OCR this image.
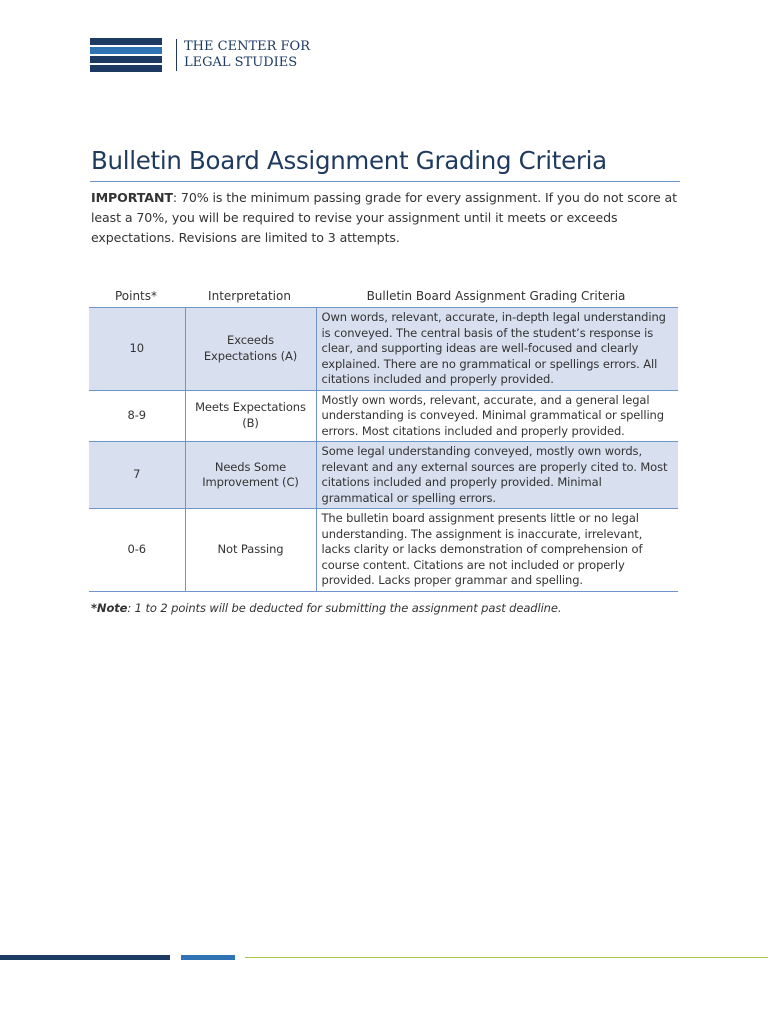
THE CENTER FOR
LEGAL STUDIES
Bulletin Board Assignment Grading Criteria

IMPORTANT: 70% is the minimum passing grade for every assignment. If you do not score at least a 70%, you will be required to revise your assignment until it meets or exceeds expectations. Revisions are limited to 3 attempts.

Points*	Interpretation	Bulletin Board Assignment Grading Criteria
10	Exceeds Expectations (A)	Own words, relevant, accurate, in-depth legal understanding is conveyed. The central basis of the student’s response is clear, and supporting ideas are well-focused and clearly explained. There are no grammatical or spellings errors. All citations included and properly provided.
8-9	Meets Expectations (B)	Mostly own words, relevant, accurate, and a general legal understanding is conveyed. Minimal grammatical or spelling errors. Most citations included and properly provided.
7	Needs Some Improvement (C)	Some legal understanding conveyed, mostly own words, relevant and any external sources are properly cited to. Most citations included and properly provided. Minimal grammatical or spelling errors.
0-6	Not Passing	The bulletin board assignment presents little or no legal understanding. The assignment is inaccurate, irrelevant, lacks clarity or lacks demonstration of comprehension of course content. Citations are not included or properly provided. Lacks proper grammar and spelling.

*Note: 1 to 2 points will be deducted for submitting the assignment past deadline.
